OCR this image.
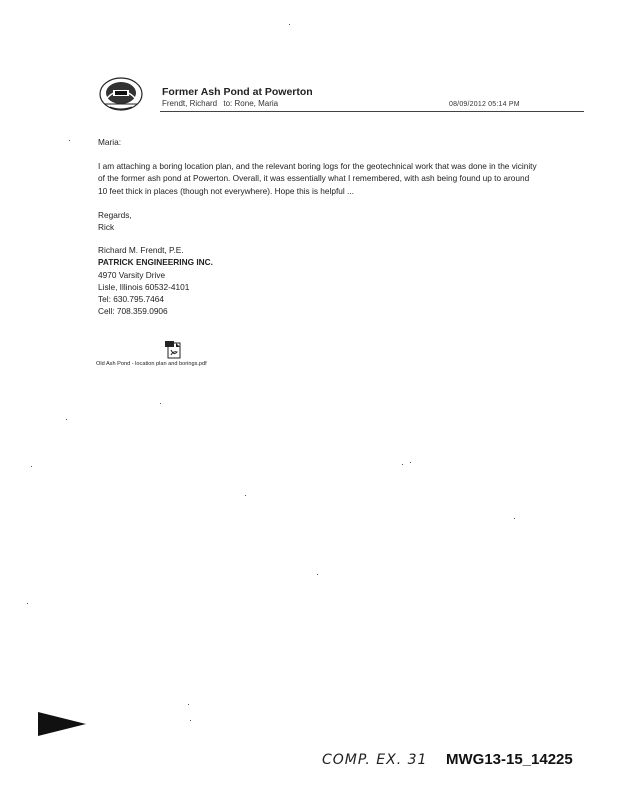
Former Ash Pond at Powerton
Frendt, Richard to: Rone, Maria	08/09/2012 05:14 PM

Maria:

I am attaching a boring location plan, and the relevant boring logs for the geotechnical work that was done in the vicinity of the former ash pond at Powerton. Overall, it was essentially what I remembered, with ash being found up to around 10 feet thick in places (though not everywhere). Hope this is helpful ...

Regards,

Rick

Richard M. Frendt, P.E.
PATRICK ENGINEERING INC.
4970 Varsity Drive
Lisle, Illinois 60532-4101
Tel: 630.795.7464
Cell: 708.359.0906
Old Ash Pond - location plan and borings.pdf
COMP. EX. 31 MWG13-15_14225
